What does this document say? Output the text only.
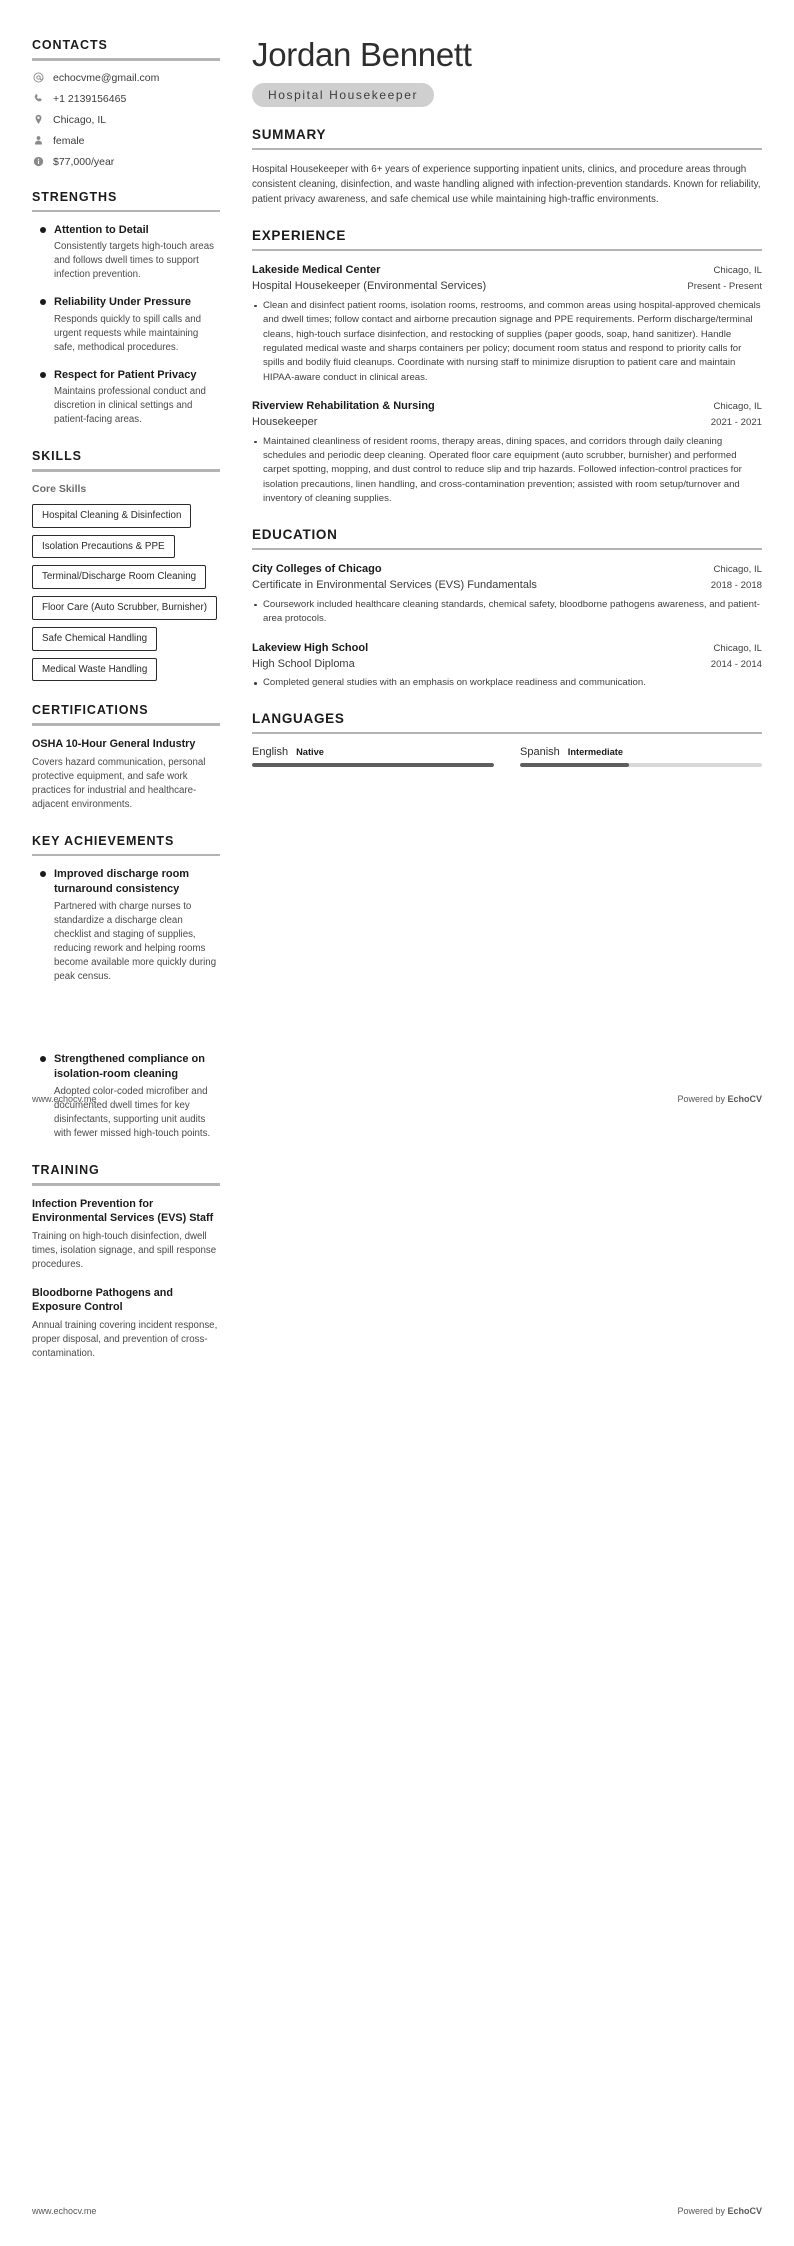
CONTACTS
echocvme@gmail.com
+1 2139156465
Chicago, IL
female
$77,000/year
STRENGTHS
Attention to Detail
Consistently targets high-touch areas and follows dwell times to support infection prevention.
Reliability Under Pressure
Responds quickly to spill calls and urgent requests while maintaining safe, methodical procedures.
Respect for Patient Privacy
Maintains professional conduct and discretion in clinical settings and patient-facing areas.
SKILLS
Core Skills
Hospital Cleaning & Disinfection
Isolation Precautions & PPE
Terminal/Discharge Room Cleaning
Floor Care (Auto Scrubber, Burnisher)
Safe Chemical Handling
Medical Waste Handling
CERTIFICATIONS
OSHA 10-Hour General Industry
Covers hazard communication, personal protective equipment, and safe work practices for industrial and healthcare-adjacent environments.
KEY ACHIEVEMENTS
Improved discharge room turnaround consistency
Partnered with charge nurses to standardize a discharge clean checklist and staging of supplies, reducing rework and helping rooms become available more quickly during peak census.
Strengthened compliance on isolation-room cleaning
Adopted color-coded microfiber and documented dwell times for key disinfectants, supporting unit audits with fewer missed high-touch points.
TRAINING
Infection Prevention for Environmental Services (EVS) Staff
Training on high-touch disinfection, dwell times, isolation signage, and spill response procedures.
Bloodborne Pathogens and Exposure Control
Annual training covering incident response, proper disposal, and prevention of cross-contamination.
Jordan Bennett
Hospital Housekeeper
SUMMARY
Hospital Housekeeper with 6+ years of experience supporting inpatient units, clinics, and procedure areas through consistent cleaning, disinfection, and waste handling aligned with infection-prevention standards. Known for reliability, patient privacy awareness, and safe chemical use while maintaining high-traffic environments.
EXPERIENCE
Lakeside Medical Center	Chicago, IL
Hospital Housekeeper (Environmental Services)	Present - Present
Clean and disinfect patient rooms, isolation rooms, restrooms, and common areas using hospital-approved chemicals and dwell times; follow contact and airborne precaution signage and PPE requirements. Perform discharge/terminal cleans, high-touch surface disinfection, and restocking of supplies (paper goods, soap, hand sanitizer). Handle regulated medical waste and sharps containers per policy; document room status and respond to priority calls for spills and bodily fluid cleanups. Coordinate with nursing staff to minimize disruption to patient care and maintain HIPAA-aware conduct in clinical areas.
Riverview Rehabilitation & Nursing	Chicago, IL
Housekeeper	2021 - 2021
Maintained cleanliness of resident rooms, therapy areas, dining spaces, and corridors through daily cleaning schedules and periodic deep cleaning. Operated floor care equipment (auto scrubber, burnisher) and performed carpet spotting, mopping, and dust control to reduce slip and trip hazards. Followed infection-control practices for isolation precautions, linen handling, and cross-contamination prevention; assisted with room setup/turnover and inventory of cleaning supplies.
EDUCATION
City Colleges of Chicago	Chicago, IL
Certificate in Environmental Services (EVS) Fundamentals	2018 - 2018
Coursework included healthcare cleaning standards, chemical safety, bloodborne pathogens awareness, and patient-area protocols.
Lakeview High School	Chicago, IL
High School Diploma	2014 - 2014
Completed general studies with an emphasis on workplace readiness and communication.
LANGUAGES
English Native	Spanish Intermediate
www.echocv.me	Powered by EchoCV
www.echocv.me	Powered by EchoCV
